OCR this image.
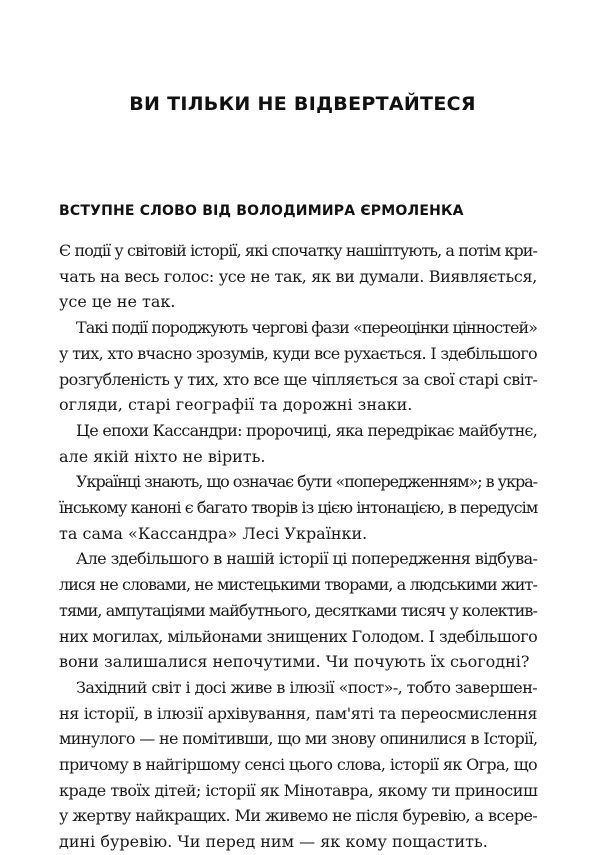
ВИ ТІЛЬКИ НЕ ВІДВЕРТАЙТЕСЯ
ВСТУПНЕ СЛОВО ВІД ВОЛОДИМИРА ЄРМОЛЕНКА
Є події у світовій історії, які спочатку нашіптують, а потім кри-
чать на весь голос: усе не так, як ви думали. Виявляється,
усе це не так.
Такі події породжують чергові фази «переоцінки цінностей»
у тих, хто вчасно зрозумів, куди все рухається. І здебільшого
розгубленість у тих, хто все ще чіпляється за свої старі світ-
огляди, старі географії та дорожні знаки.
Це епохи Кассандри: пророчиці, яка передрікає майбутнє,
але якій ніхто не вірить.
Українці знають, що означає бути «попередженням»; в укра-
їнському каноні є багато творів із цією інтонацією, в передусім
та сама «Кассандра» Лесі Українки.
Але здебільшого в нашій історії ці попередження відбува-
лися не словами, не мистецькими творами, а людськими жит-
тями, ампутаціями майбутнього, десятками тисяч у колектив-
них могилах, мільйонами знищених Голодом. І здебільшого
вони залишалися непочутими. Чи почують їх сьогодні?
Західний світ і досі живе в ілюзії «пост»-, тобто завершен-
ня історії, в ілюзії архівування, пам'яті та переосмислення
минулого — не помітивши, що ми знову опинилися в Історії,
причому в найгіршому сенсі цього слова, історії як Огра, що
краде твоїх дітей; історії як Мінотавра, якому ти приносиш
у жертву найкращих. Ми живемо не після буревію, а всере-
дині буревію. Чи перед ним — як кому пощастить.
